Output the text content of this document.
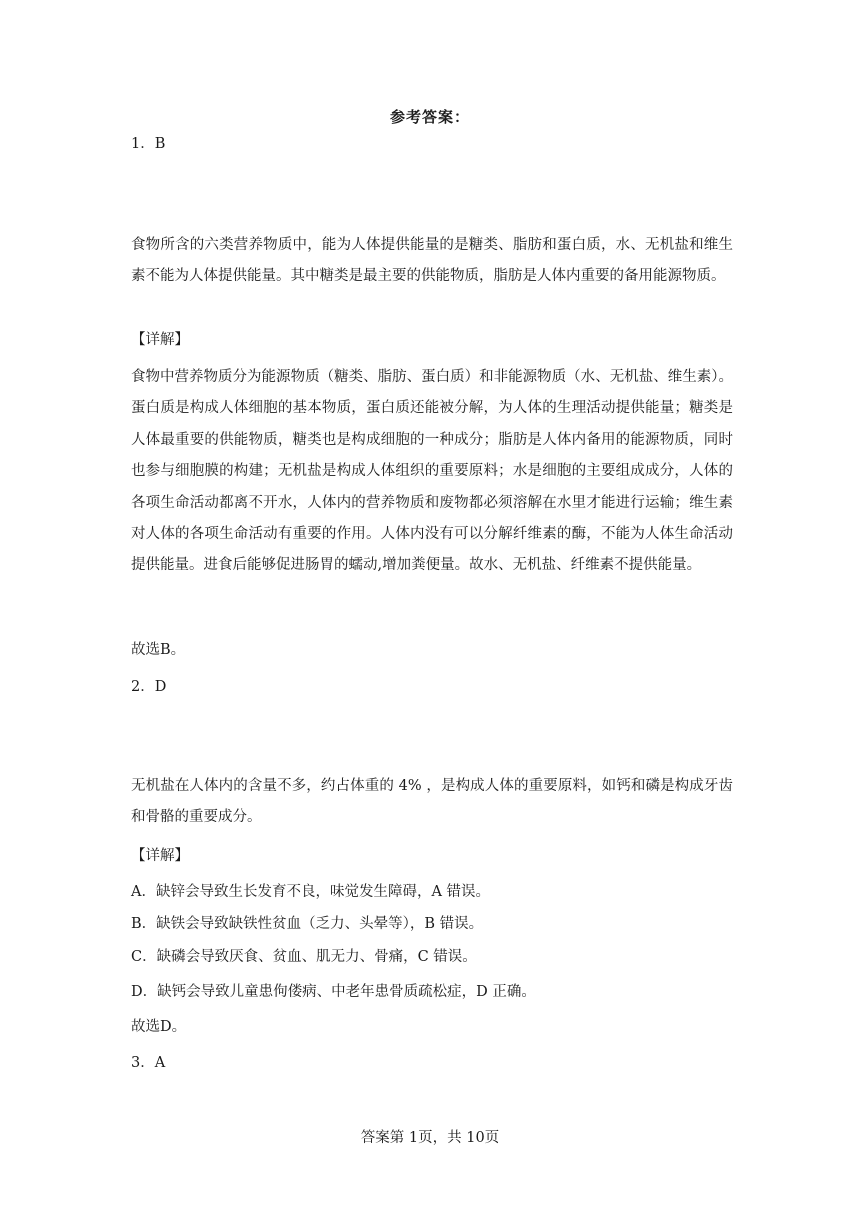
参考答案：
1．B
食物所含的六类营养物质中，能为人体提供能量的是糖类、脂肪和蛋白质，水、无机盐和维生素不能为人体提供能量。其中糖类是最主要的供能物质，脂肪是人体内重要的备用能源物质。
【详解】
食物中营养物质分为能源物质（糖类、脂肪、蛋白质）和非能源物质（水、无机盐、维生素）。蛋白质是构成人体细胞的基本物质，蛋白质还能被分解，为人体的生理活动提供能量；糖类是人体最重要的供能物质，糖类也是构成细胞的一种成分；脂肪是人体内备用的能源物质，同时也参与细胞膜的构建；无机盐是构成人体组织的重要原料；水是细胞的主要组成成分，人体的各项生命活动都离不开水，人体内的营养物质和废物都必须溶解在水里才能进行运输；维生素对人体的各项生命活动有重要的作用。人体内没有可以分解纤维素的酶，不能为人体生命活动提供能量。进食后能够促进肠胃的蠕动,增加粪便量。故水、无机盐、纤维素不提供能量。
故选B。
2．D
无机盐在人体内的含量不多，约占体重的 4% ，是构成人体的重要原料，如钙和磷是构成牙齿和骨骼的重要成分。
【详解】
A．缺锌会导致生长发育不良，味觉发生障碍，A 错误。
B．缺铁会导致缺铁性贫血（乏力、头晕等），B 错误。
C．缺磷会导致厌食、贫血、肌无力、骨痛，C 错误。
D．缺钙会导致儿童患佝偻病、中老年患骨质疏松症，D 正确。
故选D。
3．A
答案第 1页，共 10页
